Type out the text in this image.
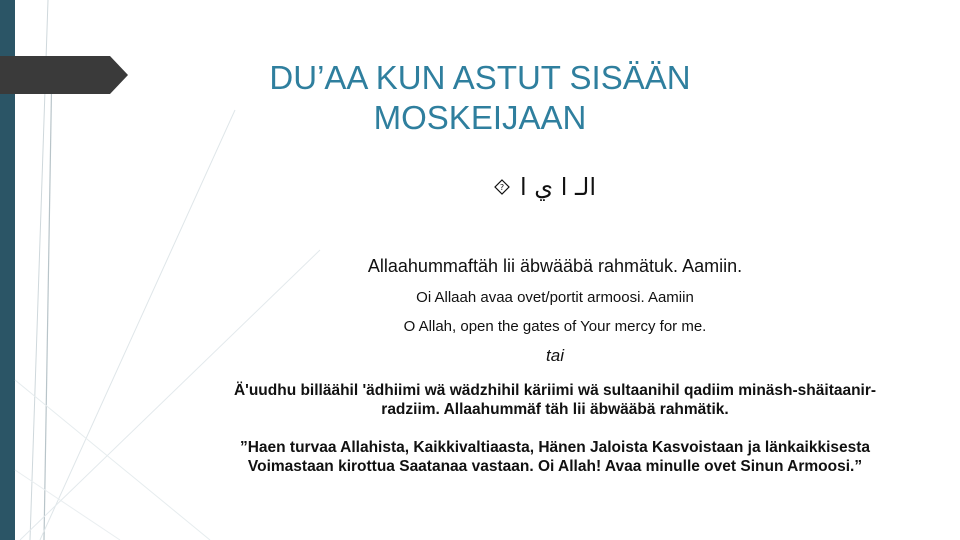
DU’AA KUN ASTUT SISÄÄN
MOSKEIJAAN
? ﺍﻟـ ﺍ ﻱ ﺍ
Allaahummaftäh lii äbwääbä rahmätuk. Aamiin.
Oi Allaah avaa ovet/portit armoosi. Aamiin
O Allah, open the gates of Your mercy for me.
tai
Ä'uudhu billäähil 'ädhiimi wä wädzhihil käriimi wä sultaanihil qadiim minäsh-shäitaanir-radziim. Allaahummäf täh lii äbwääbä rahmätik.
”Haen turvaa Allahista, Kaikkivaltiaasta, Hänen Jaloista Kasvoistaan ja länkaikkisesta Voimastaan kirottua Saatanaa vastaan. Oi Allah! Avaa minulle ovet Sinun Armoosi.”
